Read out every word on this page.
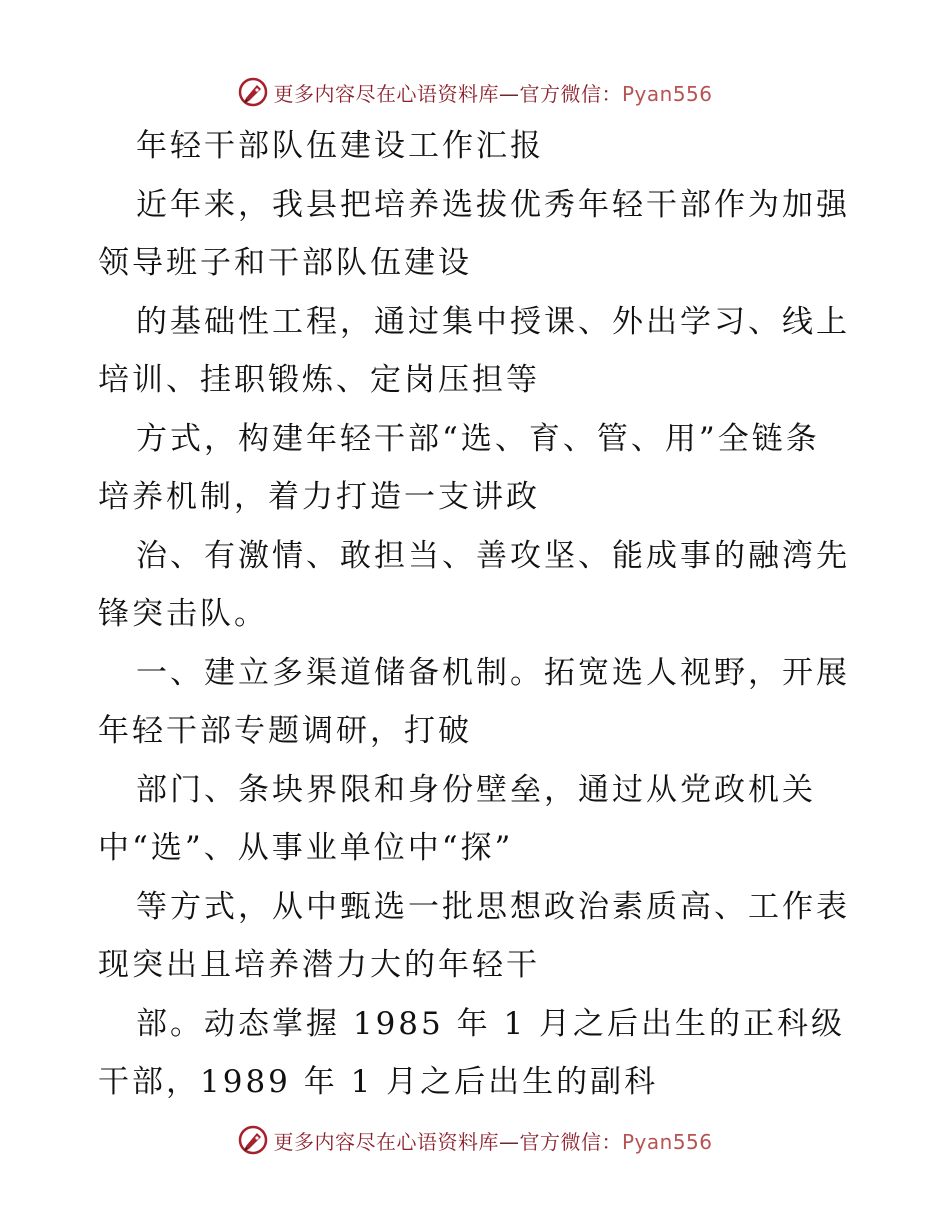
更多内容尽在心语资料库—官方微信：Pyan556
年轻干部队伍建设工作汇报
近年来，我县把培养选拔优秀年轻干部作为加强
领导班子和干部队伍建设
的基础性工程，通过集中授课、外出学习、线上
培训、挂职锻炼、定岗压担等
方式，构建年轻干部“选、育、管、用”全链条
培养机制，着力打造一支讲政
治、有激情、敢担当、善攻坚、能成事的融湾先
锋突击队。
一、建立多渠道储备机制。拓宽选人视野，开展
年轻干部专题调研，打破
部门、条块界限和身份壁垒，通过从党政机关
中“选”、从事业单位中“探”
等方式，从中甄选一批思想政治素质高、工作表
现突出且培养潜力大的年轻干
部。动态掌握 1985 年 1 月之后出生的正科级
干部，1989 年 1 月之后出生的副科
更多内容尽在心语资料库—官方微信：Pyan556
